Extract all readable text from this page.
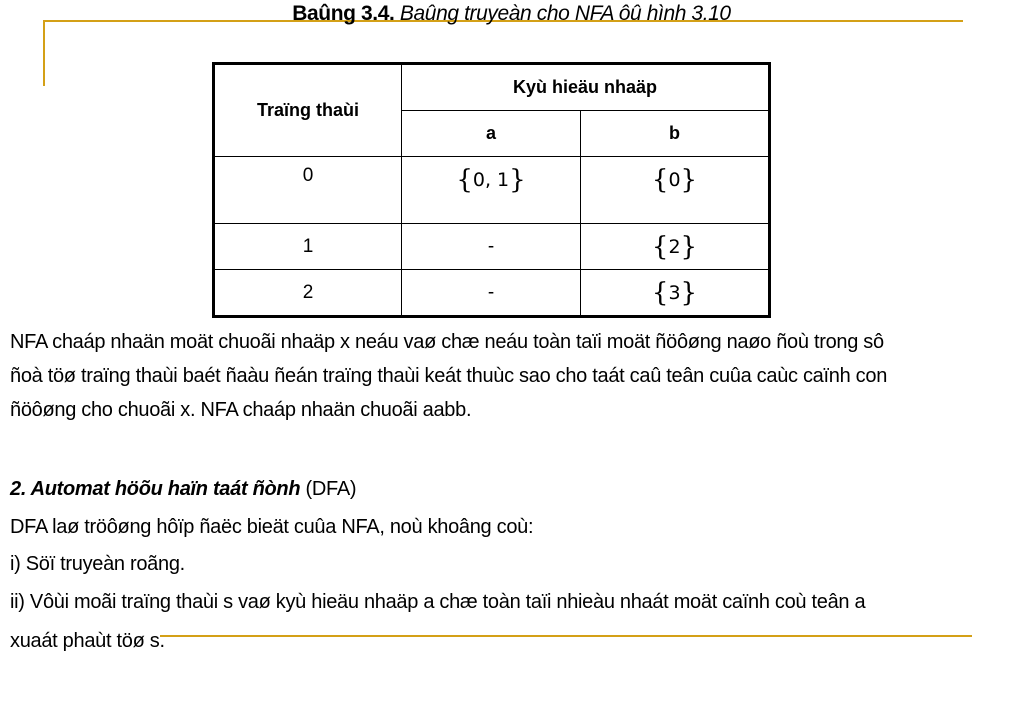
Baûng 3.4. Baûng truyeàn cho NFA ôû hình 3.10
Traïng thaùi	Kyù hieäu nhaäp	
	a	b
0	{0, 1}	{0}
1	-	{2}
2	-	{3}
NFA chaáp nhaän moät chuoãi nhaäp x neáu vaø chæ neáu toàn taïi moät ñöôøng naøo ñoù trong sô
ñoà töø traïng thaùi baét ñaàu ñeán traïng thaùi keát thuùc sao cho taát caû teân cuûa caùc caïnh con
ñöôøng cho chuoãi x. NFA chaáp nhaän chuoãi aabb.
2. Automat höõu haïn taát ñònh (DFA)
DFA laø tröôøng hôïp ñaëc bieät cuûa NFA, noù khoâng coù:
i) Söï truyeàn roãng.
ii) Vôùi moãi traïng thaùi s vaø kyù hieäu nhaäp a chæ toàn taïi nhieàu nhaát moät caïnh coù teân a
xuaát phaùt töø s.
